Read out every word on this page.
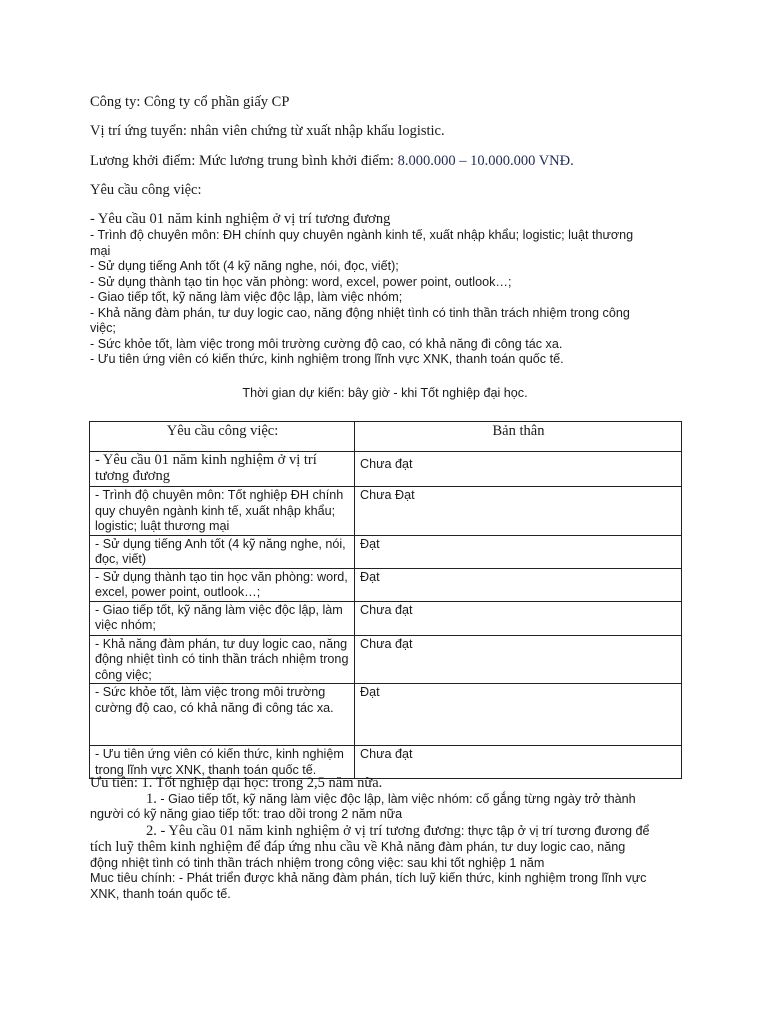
Công ty: Công ty cổ phần giấy CP
Vị trí ứng tuyển: nhân viên chứng từ xuất nhập khẩu logistic.
Lương khởi điểm: Mức lương trung bình khởi điểm: 8.000.000 – 10.000.000 VNĐ.
Yêu cầu công việc:
- Yêu cầu 01 năm kinh nghiệm ở vị trí tương đương
- Trình độ chuyên môn: ĐH chính quy chuyên ngành kinh tế, xuất nhập khẩu; logistic; luật thương
mại
- Sử dụng tiếng Anh tốt (4 kỹ năng nghe, nói, đọc, viết);
- Sử dụng thành tạo tin học văn phòng: word, excel, power point, outlook…;
- Giao tiếp tốt, kỹ năng làm việc độc lập, làm việc nhóm;
- Khả năng đàm phán, tư duy logic cao, năng động nhiệt tình có tinh thần trách nhiệm trong công
việc;
- Sức khỏe tốt, làm việc trong môi trường cường độ cao, có khả năng đi công tác xa.
- Ưu tiên ứng viên có kiến thức, kinh nghiệm trong lĩnh vực XNK, thanh toán quốc tế.
Thời gian dự kiến: bây giờ - khi Tốt nghiệp đại học.
Yêu cầu công việc:	Bản thân
- Yêu cầu 01 năm kinh nghiệm ở vị trí tương đương	Chưa đạt
- Trình độ chuyên môn: Tốt nghiệp ĐH chính quy chuyên ngành kinh tế, xuất nhập khẩu; logistic; luật thương mại	Chưa Đạt
- Sử dụng tiếng Anh tốt (4 kỹ năng nghe, nói, đọc, viết)	Đạt
- Sử dụng thành tạo tin học văn phòng: word, excel, power point, outlook…;	Đạt
- Giao tiếp tốt, kỹ năng làm việc độc lập, làm việc nhóm;	Chưa đạt
- Khả năng đàm phán, tư duy logic cao, năng động nhiệt tình có tinh thần trách nhiệm trong công việc;	Chưa đạt
- Sức khỏe tốt, làm việc trong môi trường cường độ cao, có khả năng đi công tác xa.	Đạt
- Ưu tiên ứng viên có kiến thức, kinh nghiệm trong lĩnh vực XNK, thanh toán quốc tế.	Chưa đạt
Ưu tiên: 1. Tốt nghiệp đại học: trong 2,5 năm nữa.
1. - Giao tiếp tốt, kỹ năng làm việc độc lập, làm việc nhóm: cố gắng từng ngày trở thành
người có kỹ năng giao tiếp tốt: trao dồi trong 2 năm nữa
2. - Yêu cầu 01 năm kinh nghiệm ở vị trí tương đương: thực tập ở vị trí tương đương để
tích luỹ thêm kinh nghiệm để đáp ứng nhu cầu về Khả năng đàm phán, tư duy logic cao, năng
động nhiệt tình có tinh thần trách nhiệm trong công việc: sau khi tốt nghiệp 1 năm
Muc tiêu chính: - Phát triển được khả năng đàm phán, tích luỹ kiến thức, kinh nghiệm trong lĩnh vực
XNK, thanh toán quốc tế.
